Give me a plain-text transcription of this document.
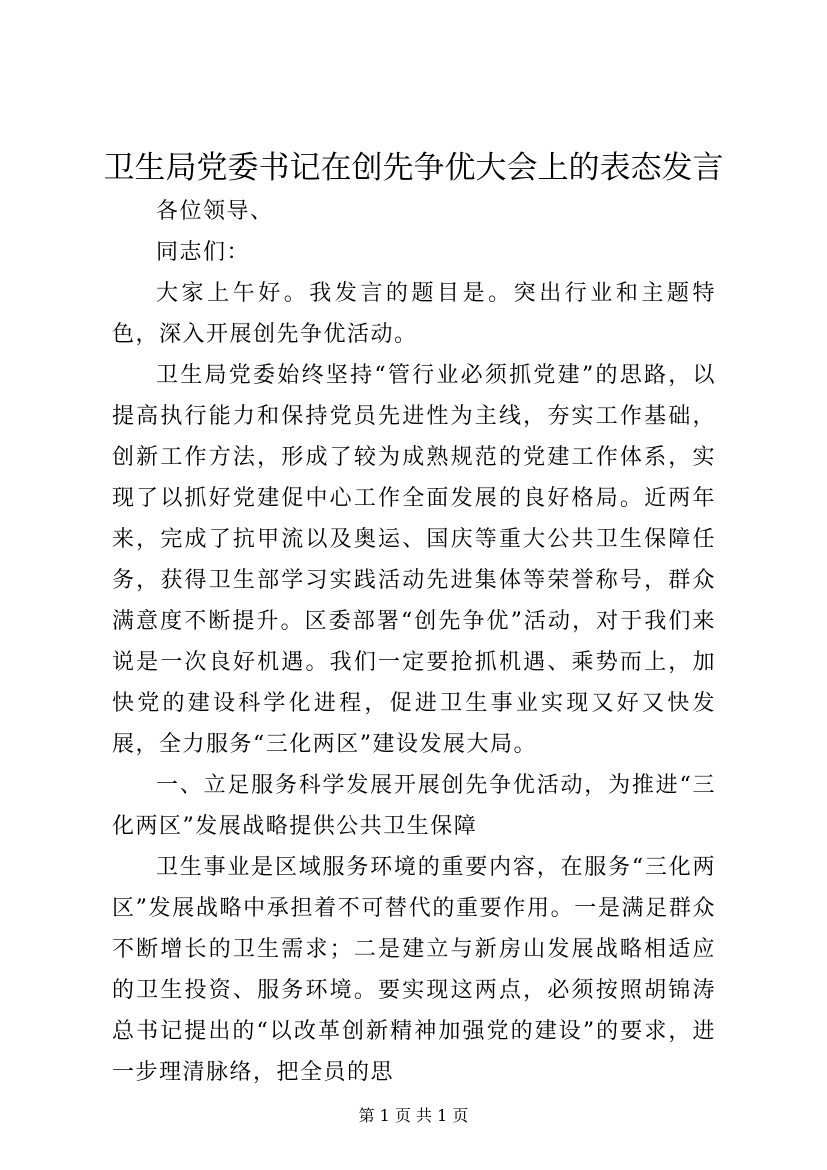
卫生局党委书记在创先争优大会上的表态发言

各位领导、

同志们：

大家上午好。我发言的题目是。突出行业和主题特色，深入开展创先争优活动。

卫生局党委始终坚持“管行业必须抓党建”的思路，以提高执行能力和保持党员先进性为主线，夯实工作基础，创新工作方法，形成了较为成熟规范的党建工作体系，实现了以抓好党建促中心工作全面发展的良好格局。近两年来，完成了抗甲流以及奥运、国庆等重大公共卫生保障任务，获得卫生部学习实践活动先进集体等荣誉称号，群众满意度不断提升。区委部署“创先争优”活动，对于我们来说是一次良好机遇。我们一定要抢抓机遇、乘势而上，加快党的建设科学化进程，促进卫生事业实现又好又快发展，全力服务“三化两区”建设发展大局。

一、立足服务科学发展开展创先争优活动，为推进“三化两区”发展战略提供公共卫生保障

卫生事业是区域服务环境的重要内容，在服务“三化两区”发展战略中承担着不可替代的重要作用。一是满足群众不断增长的卫生需求；二是建立与新房山发展战略相适应的卫生投资、服务环境。要实现这两点，必须按照胡锦涛总书记提出的“以改革创新精神加强党的建设”的要求，进一步理清脉络，把全员的思

第 1 页 共 1 页
